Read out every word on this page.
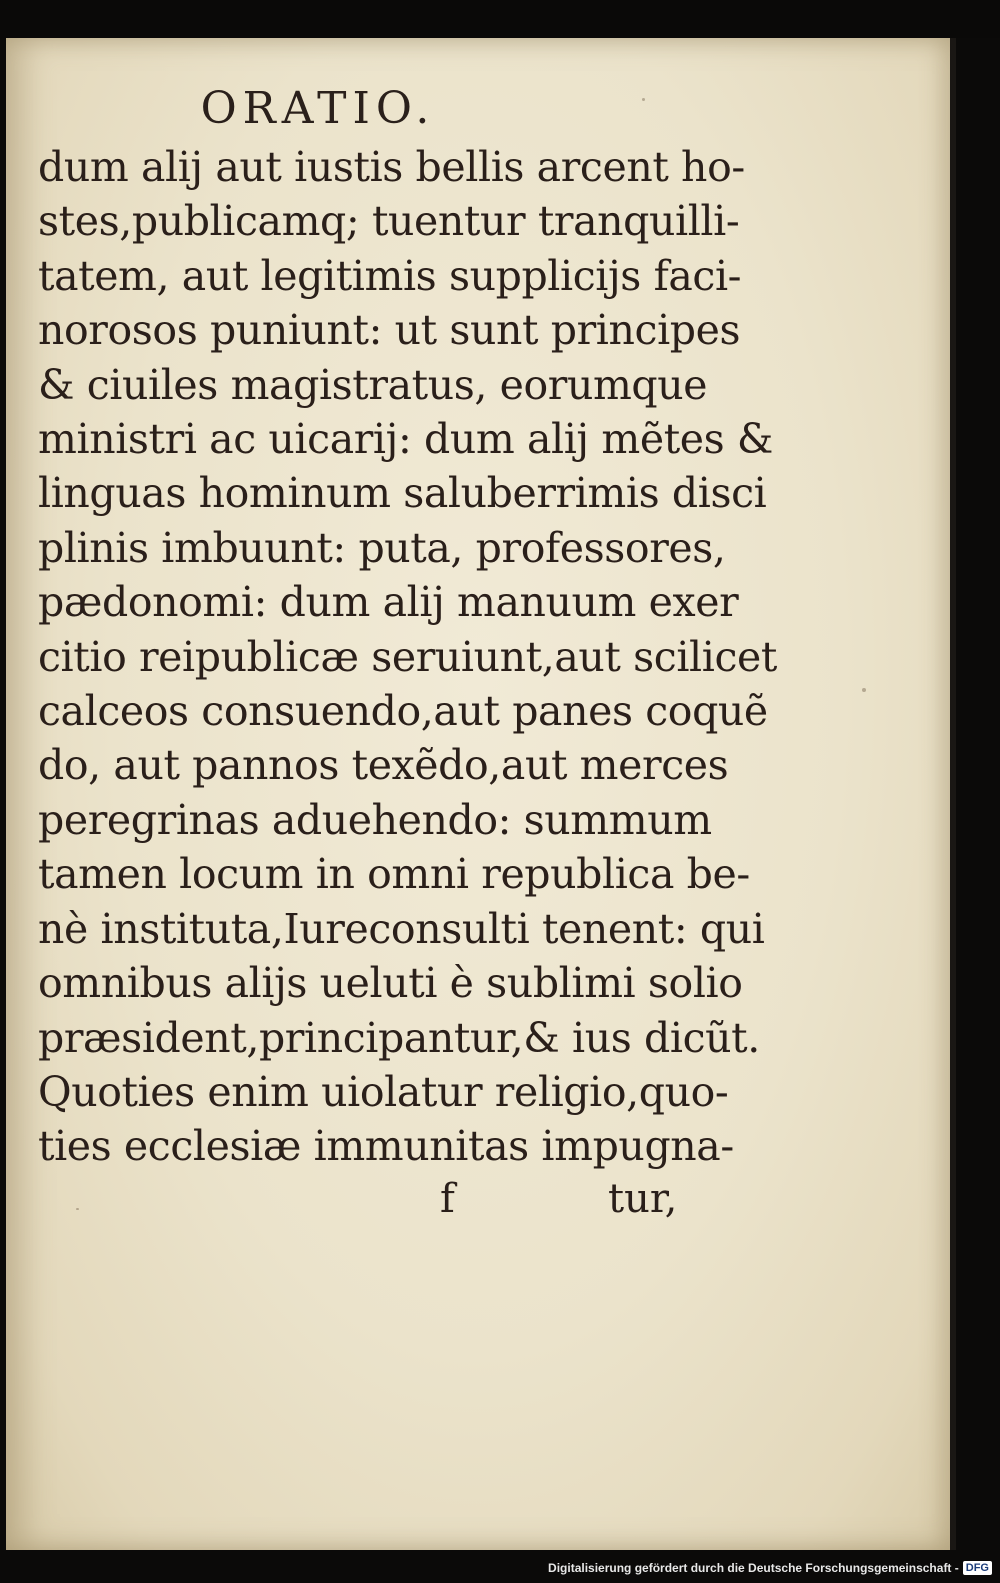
ORATIO.
dum alij aut iustis bellis arcent ho-
stes,publicamq; tuentur tranquilli-
tatem, aut legitimis supplicijs faci-
norosos puniunt: ut sunt principes
& ciuiles magistratus, eorumque
ministri ac uicarij: dum alij mẽtes &
linguas hominum saluberrimis disci
plinis imbuunt: puta, professores,
pædonomi: dum alij manuum exer
citio reipublicæ seruiunt,aut scilicet
calceos consuendo,aut panes coquẽ
do, aut pannos texẽdo,aut merces
peregrinas aduehendo: summum
tamen locum in omni republica be-
nè instituta,Iureconsulti tenent: qui
omnibus alijs ueluti è sublimi solio
præsident,principantur,& ius dicũt.
Quoties enim uiolatur religio,quo-
ties ecclesiæ immunitas impugna-
f	tur,
Digitalisierung gefördert durch die Deutsche Forschungsgemeinschaft - DFG
